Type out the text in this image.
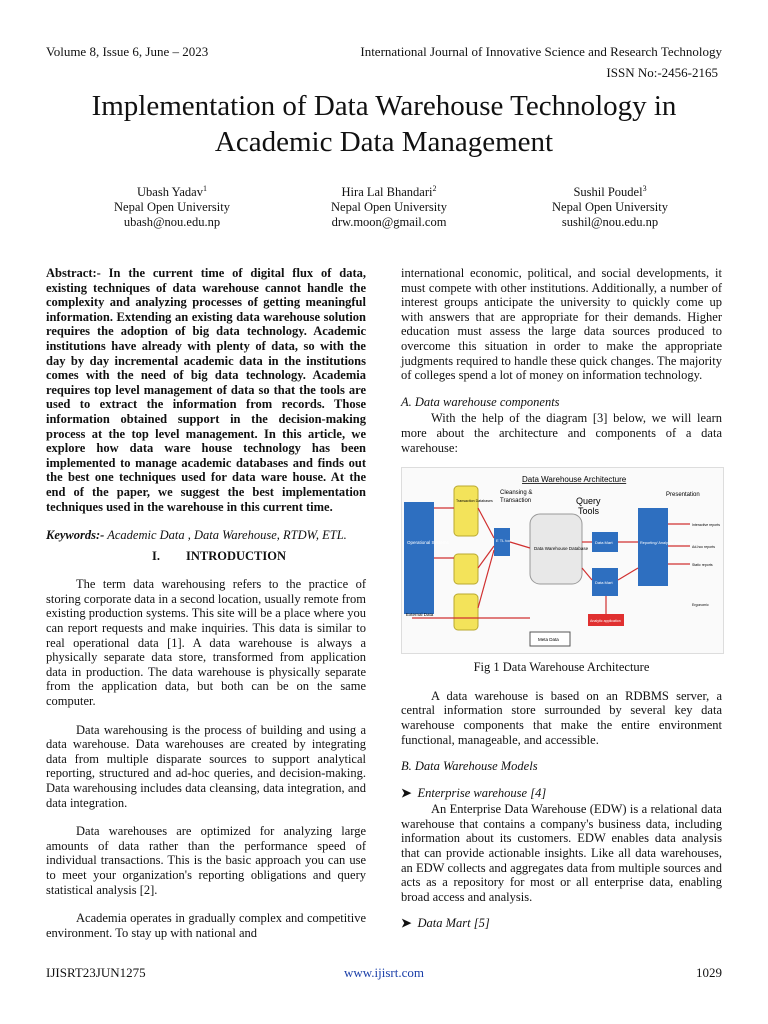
Volume 8, Issue 6, June – 2023	International Journal of Innovative Science and Research Technology
ISSN No:-2456-2165
Implementation of Data Warehouse Technology in Academic Data Management
Ubash Yadav$^1$
Nepal Open University
ubash@nou.edu.np
Hira Lal Bhandari$^2$
Nepal Open University
drw.moon@gmail.com
Sushil Poudel$^3$
Nepal Open University
sushil@nou.edu.np

Abstract:- In the current time of digital flux of data, existing techniques of data warehouse cannot handle the complexity and analyzing processes of getting meaningful information. Extending an existing data warehouse solution requires the adoption of big data technology. Academic institutions have already with plenty of data, so with the day by day incremental academic data in the institutions comes with the need of big data technology. Academia requires top level management of data so that the tools are used to extract the information from records. Those information obtained support in the decision-making process at the top level management. In this article, we explore how data ware house technology has been implemented to manage academic databases and finds out the best one techniques used for data ware house. At the end of the paper, we suggest the best implementation techniques used in the warehouse in this current time.

Keywords:- Academic Data , Data Warehouse, RTDW, ETL.

I. INTRODUCTION

The term data warehousing refers to the practice of storing corporate data in a second location, usually remote from existing production systems. This site will be a place where you can report requests and make inquiries. This data is similar to real operational data [1]. A data warehouse is always a physically separate data store, transformed from application data in production. The data warehouse is physically separate from the application data, but both can be on the same computer.

Data warehousing is the process of building and using a data warehouse. Data warehouses are created by integrating data from multiple disparate sources to support analytical reporting, structured and ad-hoc queries, and decision-making. Data warehousing includes data cleansing, data integration, and data integration.

Data warehouses are optimized for analyzing large amounts of data rather than the performance speed of individual transactions. This is the basic approach you can use to meet your organization's reporting obligations and query statistical analysis [2].

Academia operates in gradually complex and competitive environment. To stay up with national and

international economic, political, and social developments, it must compete with other institutions. Additionally, a number of interest groups anticipate the university to quickly come up with answers that are appropriate for their demands. Higher education must assess the large data sources produced to overcome this situation in order to make the appropriate judgments required to handle these quick changes. The majority of colleges spend a lot of money on information technology.

A. Data warehouse components

With the help of the diagram [3] below, we will learn more about the architecture and components of a data warehouse:

Data Warehouse Architecture
Cleansing &
Transaction	Query
Tools
Presentation
Operational Systems
Transaction Databases
E TL tools
Data Warehouse Database
Data Mart
Data Mart
Reporting/ Analysis/ Mining Tools
Interactive reports
Ad-hoc reports
Static reports
Ergonomic
Analytic application
External Data
Meta Data

Fig 1 Data Warehouse Architecture

A data warehouse is based on an RDBMS server, a central information store surrounded by several key data warehouse components that make the entire environment functional, manageable, and accessible.

B. Data Warehouse Models

➤ Enterprise warehouse [4]

An Enterprise Data Warehouse (EDW) is a relational data warehouse that contains a company's business data, including information about its customers. EDW enables data analysis that can provide actionable insights. Like all data warehouses, an EDW collects and aggregates data from multiple sources and acts as a repository for most or all enterprise data, enabling broad access and analysis.

➤ Data Mart [5]

IJISRT23JUN1275	www.ijisrt.com	1029
